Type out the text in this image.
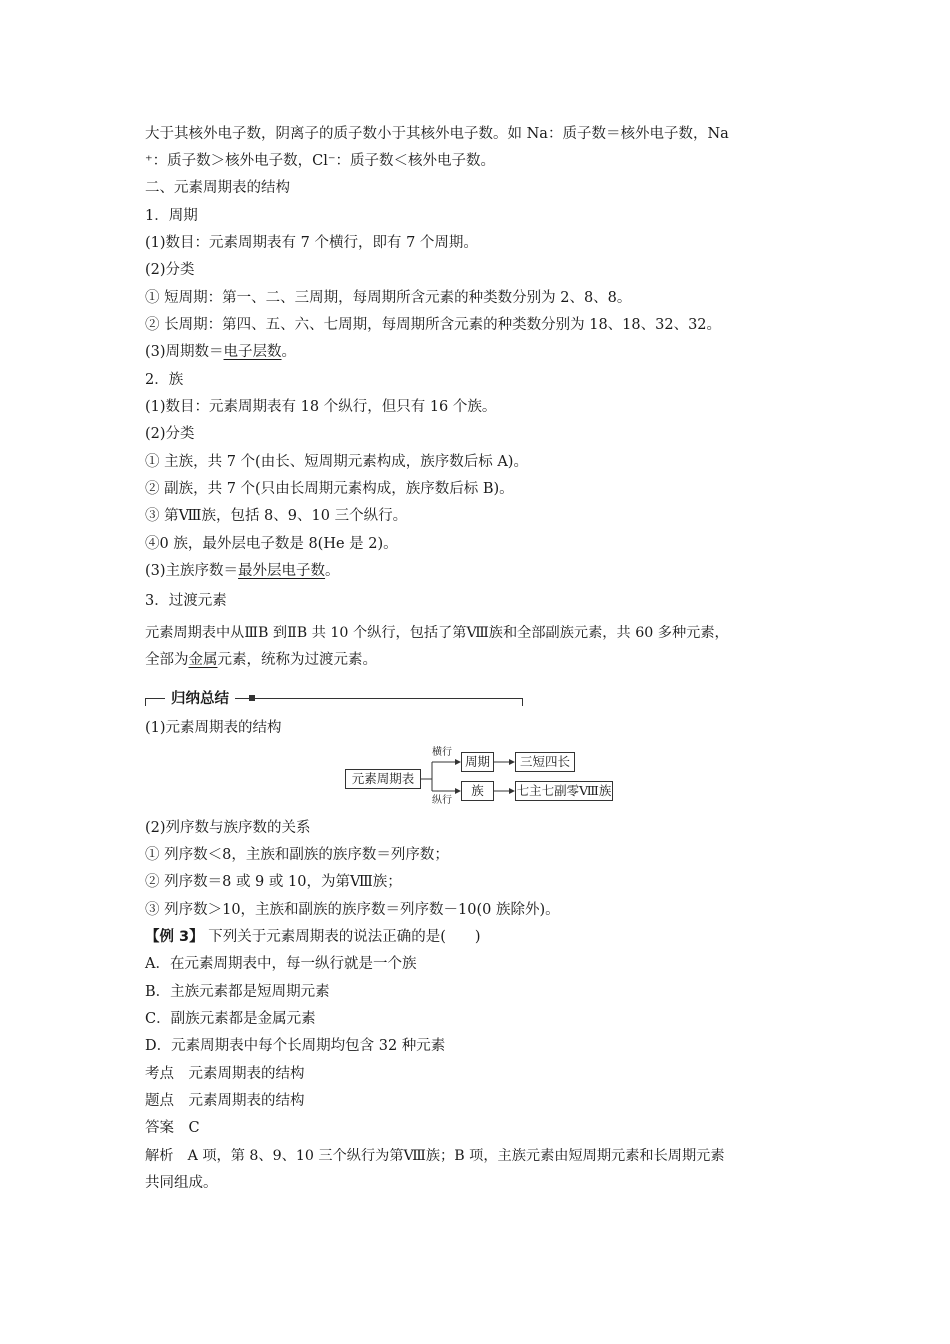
大于其核外电子数，阴离子的质子数小于其核外电子数。如 Na：质子数＝核外电子数，Na
⁺：质子数＞核外电子数，Cl⁻：质子数＜核外电子数。
二、元素周期表的结构
1．周期
(1)数目：元素周期表有 7 个横行，即有 7 个周期。
(2)分类
① 短周期：第一、二、三周期，每周期所含元素的种类数分别为 2、8、8。
② 长周期：第四、五、六、七周期，每周期所含元素的种类数分别为 18、18、32、32。
(3)周期数＝电子层数。
2．族
(1)数目：元素周期表有 18 个纵行，但只有 16 个族。
(2)分类
① 主族，共 7 个(由长、短周期元素构成，族序数后标 A)。
② 副族，共 7 个(只由长周期元素构成，族序数后标 B)。
③ 第Ⅷ族，包括 8、9、10 三个纵行。
④0 族，最外层电子数是 8(He 是 2)。
(3)主族序数＝最外层电子数。
3．过渡元素
元素周期表中从ⅢB 到ⅡB 共 10 个纵行，包括了第Ⅷ族和全部副族元素，共 60 多种元素，
全部为金属元素，统称为过渡元素。
归纳总结
(1)元素周期表的结构
元素周期表
横行
纵行
周期
族
三短四长
七主七副零Ⅷ族
(2)列序数与族序数的关系
① 列序数＜8，主族和副族的族序数＝列序数；
② 列序数＝8 或 9 或 10，为第Ⅷ族；
③ 列序数＞10，主族和副族的族序数＝列序数－10(0 族除外)。
【例 3】 下列关于元素周期表的说法正确的是(　　)
A．在元素周期表中，每一纵行就是一个族
B．主族元素都是短周期元素
C．副族元素都是金属元素
D．元素周期表中每个长周期均包含 32 种元素
考点　元素周期表的结构
题点　元素周期表的结构
答案　C
解析　A 项，第 8、9、10 三个纵行为第Ⅷ族；B 项，主族元素由短周期元素和长周期元素
共同组成。
